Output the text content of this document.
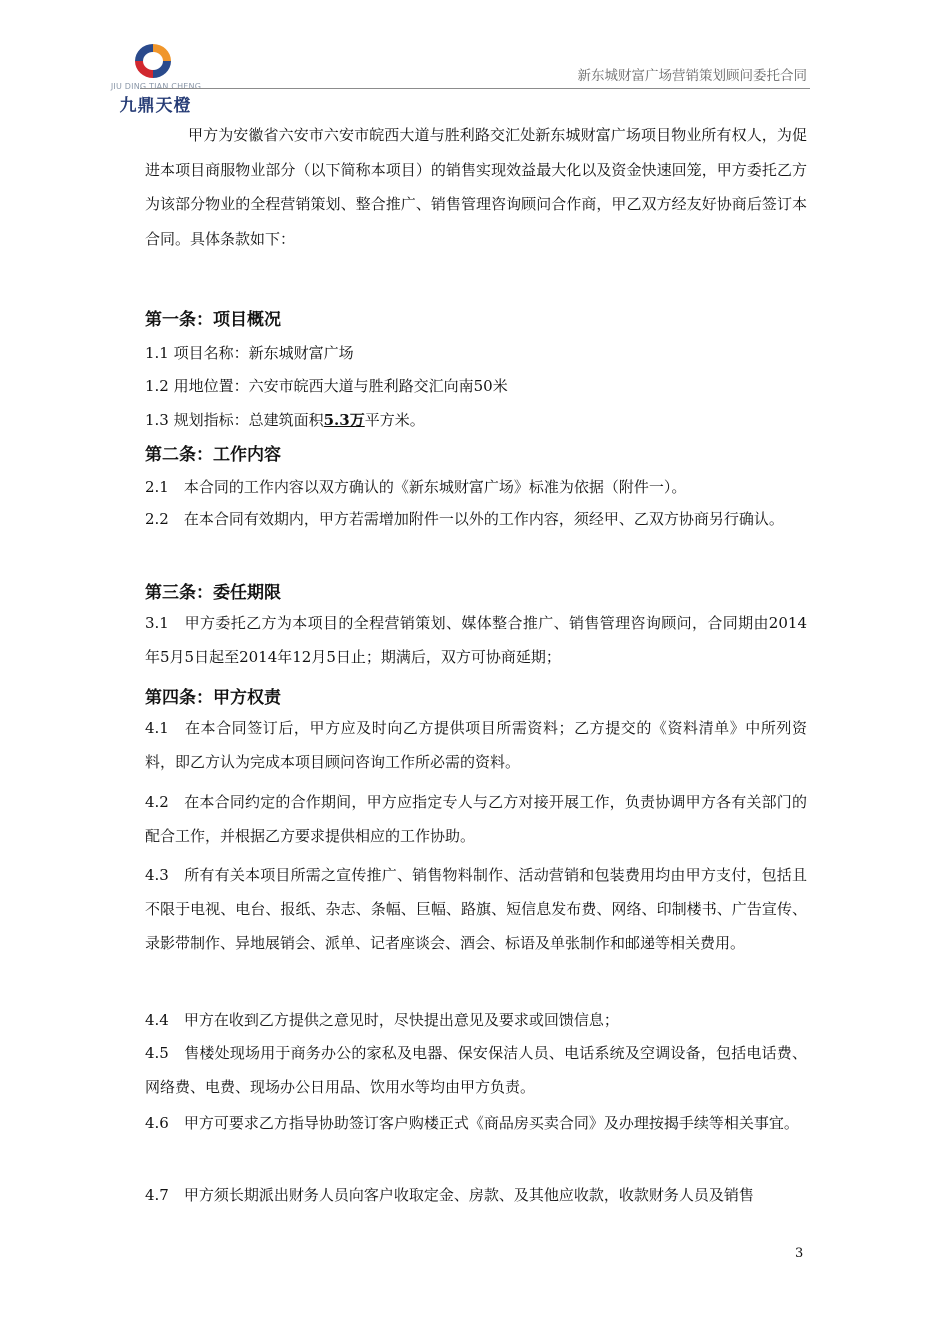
JIU DING TIAN CHENG
九鼎天橙
新东城财富广场营销策划顾问委托合同
甲方为安徽省六安市六安市皖西大道与胜利路交汇处新东城财富广场项目物业所有权人，为促进本项目商服物业部分（以下简称本项目）的销售实现效益最大化以及资金快速回笼，甲方委托乙方为该部分物业的全程营销策划、整合推广、销售管理咨询顾问合作商，甲乙双方经友好协商后签订本合同。具体条款如下：
第一条：项目概况
1.1 项目名称：新东城财富广场
1.2 用地位置：六安市皖西大道与胜利路交汇向南50米
1.3 规划指标：总建筑面积5.3万平方米。
第二条：工作内容
2.1　本合同的工作内容以双方确认的《新东城财富广场》标准为依据（附件一）。
2.2　在本合同有效期内，甲方若需增加附件一以外的工作内容，须经甲、乙双方协商另行确认。
第三条：委任期限
3.1　甲方委托乙方为本项目的全程营销策划、媒体整合推广、销售管理咨询顾问，合同期由2014年5月5日起至2014年12月5日止；期满后，双方可协商延期；
第四条：甲方权责
4.1　在本合同签订后，甲方应及时向乙方提供项目所需资料；乙方提交的《资料清单》中所列资料，即乙方认为完成本项目顾问咨询工作所必需的资料。
4.2　在本合同约定的合作期间，甲方应指定专人与乙方对接开展工作，负责协调甲方各有关部门的配合工作，并根据乙方要求提供相应的工作协助。
4.3　所有有关本项目所需之宣传推广、销售物料制作、活动营销和包装费用均由甲方支付，包括且不限于电视、电台、报纸、杂志、条幅、巨幅、路旗、短信息发布费、网络、印制楼书、广告宣传、录影带制作、异地展销会、派单、记者座谈会、酒会、标语及单张制作和邮递等相关费用。
4.4　甲方在收到乙方提供之意见时，尽快提出意见及要求或回馈信息；
4.5　售楼处现场用于商务办公的家私及电器、保安保洁人员、电话系统及空调设备，包括电话费、网络费、电费、现场办公日用品、饮用水等均由甲方负责。
4.6　甲方可要求乙方指导协助签订客户购楼正式《商品房买卖合同》及办理按揭手续等相关事宜。
4.7　甲方须长期派出财务人员向客户收取定金、房款、及其他应收款，收款财务人员及销售
3
